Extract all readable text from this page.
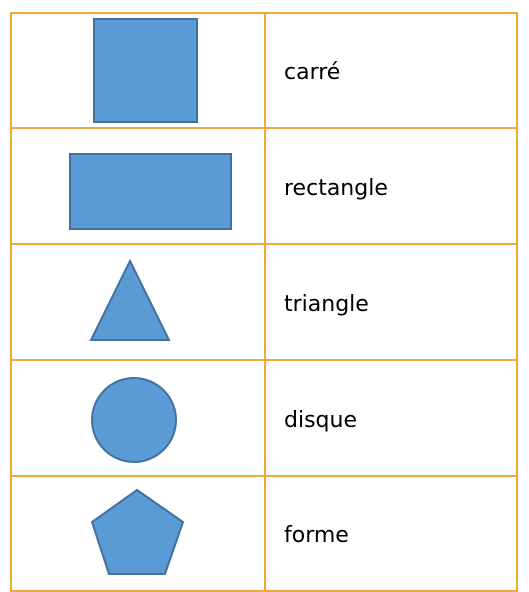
	carré

	rectangle

	triangle

	disque

	forme
